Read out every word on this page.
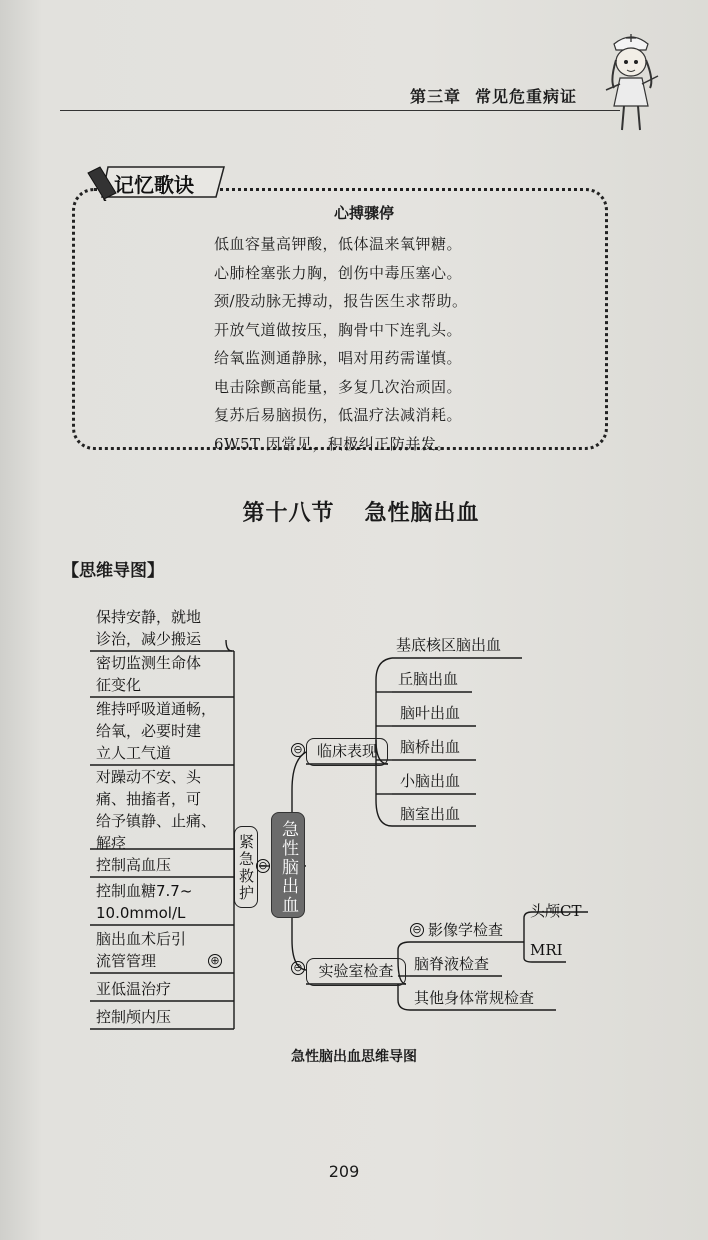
第三章 常见危重病证
记忆歌诀
心搏骤停
低血容量高钾酸，低体温来氧钾糖。
心肺栓塞张力胸，创伤中毒压塞心。
颈/股动脉无搏动，报告医生求帮助。
开放气道做按压，胸骨中下连乳头。
给氧监测通静脉，唱对用药需谨慎。
电击除颤高能量，多复几次治顽固。
复苏后易脑损伤，低温疗法减消耗。
6W5T 因常见，积极纠正防并发。
第十八节 急性脑出血
【思维导图】
保持安静，就地
诊治，减少搬运
密切监测生命体
征变化
维持呼吸道通畅，
给氧，必要时建
立人工气道
对躁动不安、头
痛、抽搐者，可
给予镇静、止痛、
解痉
控制高血压
控制血糖7.7~
10.0mmol/L
脑出血术后引
流管管理
亚低温治疗
控制颅内压
⊕
紧急救护 ⊖ 急性脑出血
⊖ 临床表现
基底核区脑出血
丘脑出血
脑叶出血
脑桥出血
小脑出血
脑室出血
⊖	实验室检查
⊖ 影像学检查
脑脊液检查
其他身体常规检查
头颅CT
MRI
急性脑出血思维导图
209
